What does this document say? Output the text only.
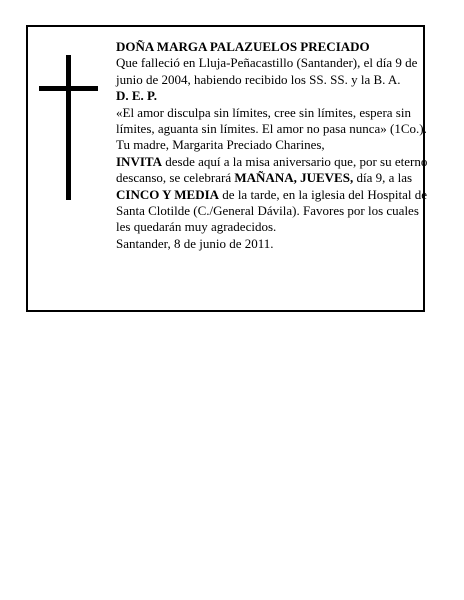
DOÑA MARGA PALAZUELOS PRECIADO

Que falleció en Lluja-Peñacastillo (Santander), el día 9 de junio de 2004, habiendo recibido los SS. SS. y la B. A.

D. E. P.

«El amor disculpa sin límites, cree sin límites, espera sin límites, aguanta sin límites. El amor no pasa nunca» (1Co.).

Tu madre, Margarita Preciado Charines,

INVITA desde aquí a la misa aniversario que, por su eterno descanso, se celebrará MAÑANA, JUEVES, día 9, a las CINCO Y MEDIA de la tarde, en la iglesia del Hospital de Santa Clotilde (C./General Dávila). Favores por los cuales les quedarán muy agradecidos.

Santander, 8 de junio de 2011.
